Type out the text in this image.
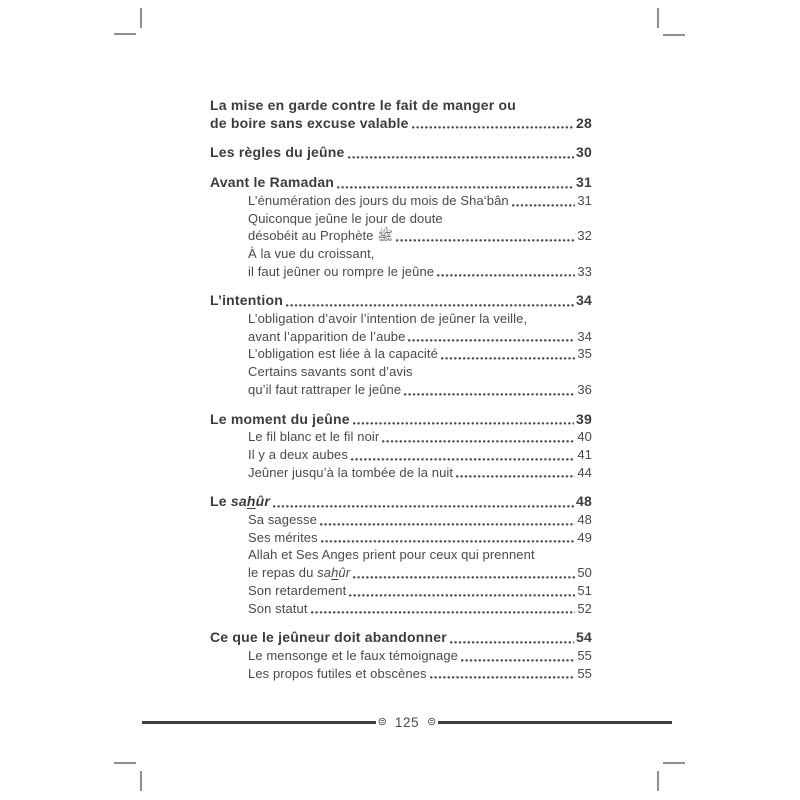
La mise en garde contre le fait de manger ou
de boire sans excuse valable	28
Les règles du jeûne	30
Avant le Ramadan	31
L’énumération des jours du mois de Sha‘bân	31
Quiconque jeûne le jour de doute
désobéit au Prophète ﷺ	32
À la vue du croissant,
il faut jeûner ou rompre le jeûne	33
L’intention	34
L’obligation d’avoir l’intention de jeûner la veille,
avant l’apparition de l’aube	34
L’obligation est liée à la capacité	35
Certains savants sont d’avis
qu’il faut rattraper le jeûne	36
Le moment du jeûne	39
Le fil blanc et le fil noir	40
Il y a deux aubes	41
Jeûner jusqu’à la tombée de la nuit	44
Le sahûr	48
Sa sagesse	48
Ses mérites	49
Allah et Ses Anges prient pour ceux qui prennent
le repas du sahûr	50
Son retardement	51
Son statut	52
Ce que le jeûneur doit abandonner	54
Le mensonge et le faux témoignage	55
Les propos futiles et obscènes	55
⊜ 125 ⊜
